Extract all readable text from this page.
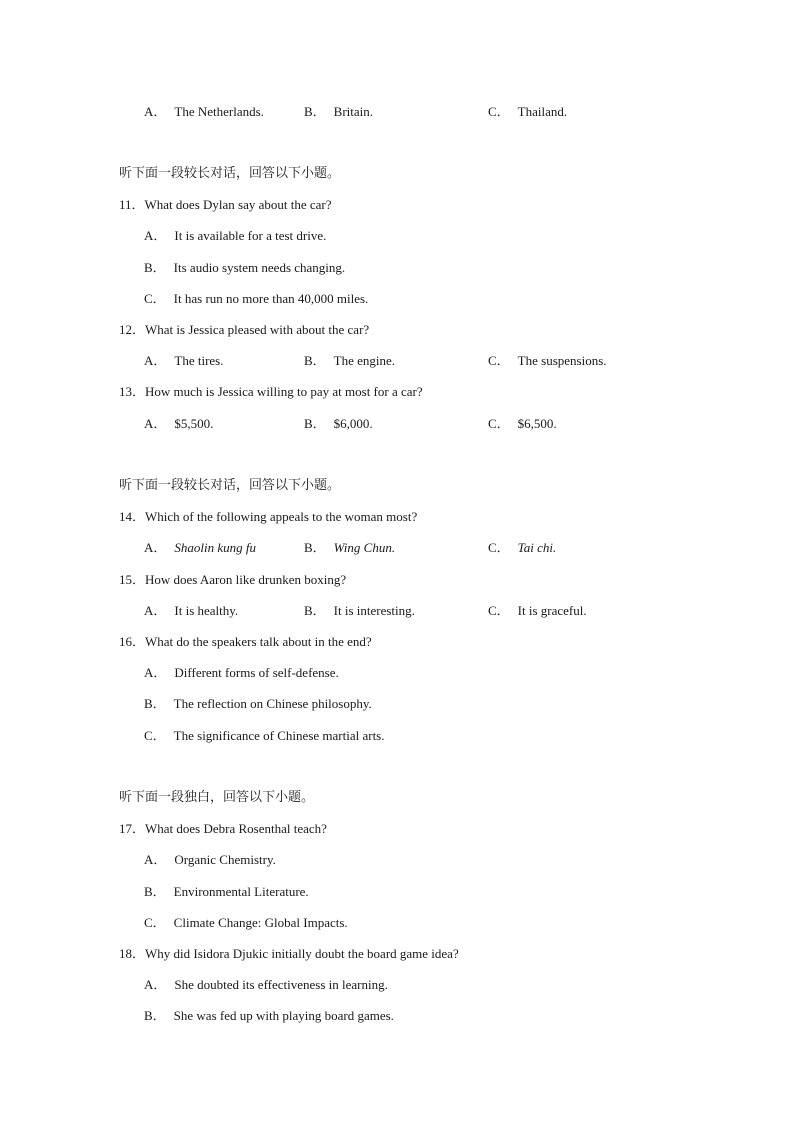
A． The Netherlands.	B． Britain.	C． Thailand.
听下面一段较长对话，回答以下小题。
11．What does Dylan say about the car?
A． It is available for a test drive.
B． Its audio system needs changing.
C． It has run no more than 40,000 miles.
12．What is Jessica pleased with about the car?
A． The tires.	B． The engine.	C． The suspensions.
13．How much is Jessica willing to pay at most for a car?
A． $5,500.	B． $6,000.	C． $6,500.
听下面一段较长对话，回答以下小题。
14．Which of the following appeals to the woman most?
A． Shaolin kung fu	B． Wing Chun.	C． Tai chi.
15．How does Aaron like drunken boxing?
A． It is healthy.	B． It is interesting.	C． It is graceful.
16．What do the speakers talk about in the end?
A． Different forms of self-defense.
B． The reflection on Chinese philosophy.
C． The significance of Chinese martial arts.
听下面一段独白，回答以下小题。
17．What does Debra Rosenthal teach?
A． Organic Chemistry.
B． Environmental Literature.
C． Climate Change: Global Impacts.
18．Why did Isidora Djukic initially doubt the board game idea?
A． She doubted its effectiveness in learning.
B． She was fed up with playing board games.
